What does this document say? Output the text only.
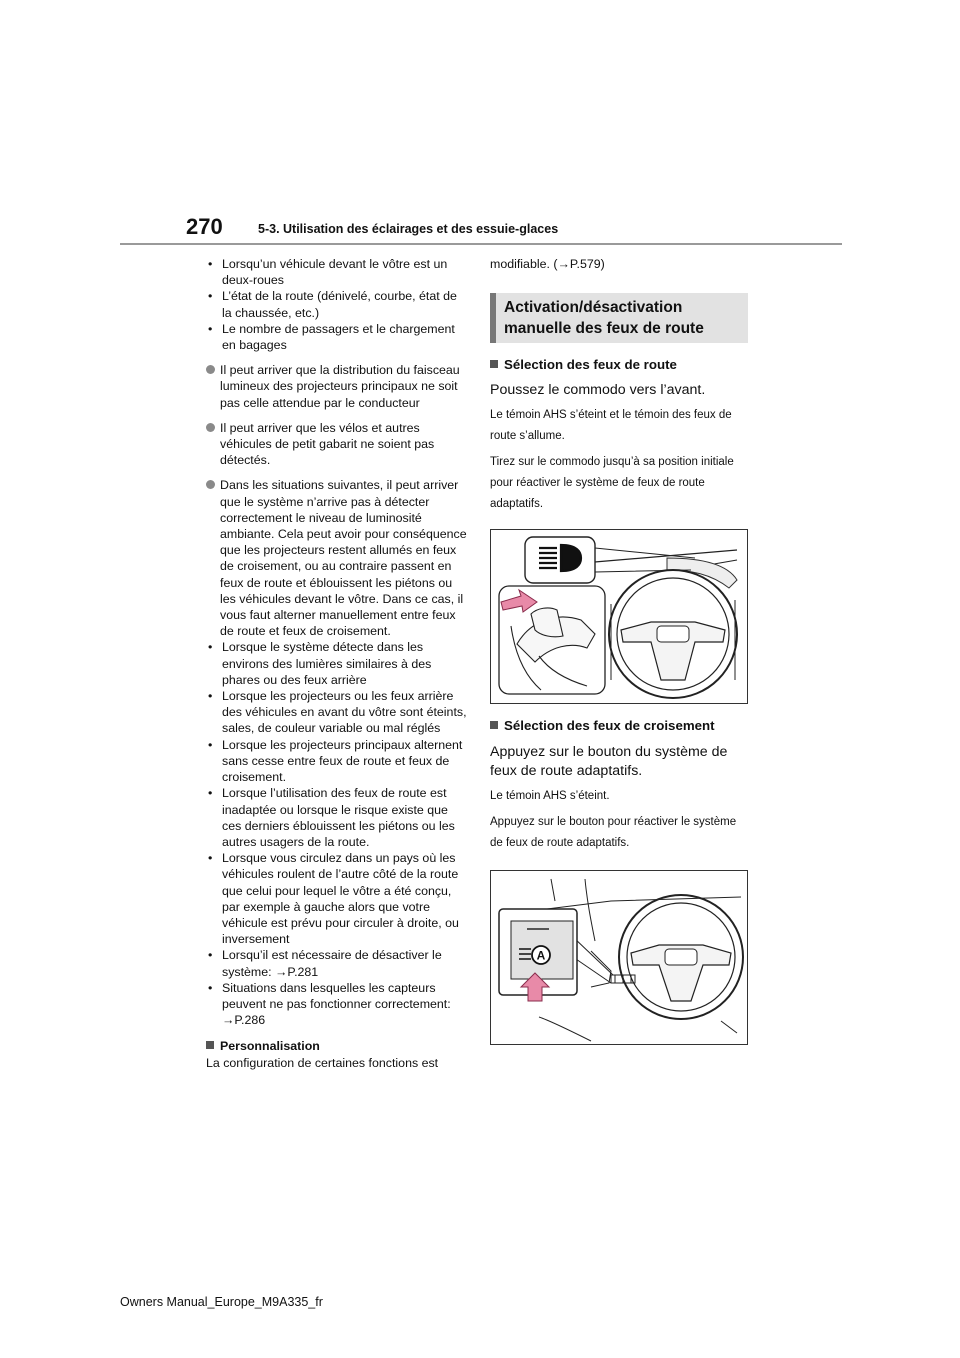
270	5-3. Utilisation des éclairages et des essuie-glaces
• Lorsqu’un véhicule devant le vôtre est un deux-roues
• L’état de la route (dénivelé, courbe, état de la chaussée, etc.)
• Le nombre de passagers et le chargement en bagages
Il peut arriver que la distribution du faisceau lumineux des projecteurs principaux ne soit pas celle attendue par le conducteur
Il peut arriver que les vélos et autres véhicules de petit gabarit ne soient pas détectés.
Dans les situations suivantes, il peut arriver que le système n’arrive pas à détecter correctement le niveau de luminosité ambiante. Cela peut avoir pour conséquence que les projecteurs restent allumés en feux de croisement, ou au contraire passent en feux de route et éblouissent les piétons ou les véhicules devant le vôtre. Dans ce cas, il vous faut alterner manuellement entre feux de route et feux de croisement.
• Lorsque le système détecte dans les environs des lumières similaires à des phares ou des feux arrière
• Lorsque les projecteurs ou les feux arrière des véhicules en avant du vôtre sont éteints, sales, de couleur variable ou mal réglés
• Lorsque les projecteurs principaux alternent sans cesse entre feux de route et feux de croisement.
• Lorsque l’utilisation des feux de route est inadaptée ou lorsque le risque existe que ces derniers éblouissent les piétons ou les autres usagers de la route.
• Lorsque vous circulez dans un pays où les véhicules roulent de l’autre côté de la route que celui pour lequel le vôtre a été conçu, par exemple à gauche alors que votre véhicule est prévu pour circuler à droite, ou inversement
• Lorsqu’il est nécessaire de désactiver le système: →P.281
• Situations dans lesquelles les capteurs peuvent ne pas fonctionner correctement: →P.286
Personnalisation
La configuration de certaines fonctions est
modifiable. (→P.579)
Activation/désactivation manuelle des feux de route
Sélection des feux de route
Poussez le commodo vers l’avant.
Le témoin AHS s’éteint et le témoin des feux de route s’allume.
Tirez sur le commodo jusqu’à sa position initiale pour réactiver le système de feux de route adaptatifs.
Sélection des feux de croisement
Appuyez sur le bouton du système de feux de route adaptatifs.
Le témoin AHS s’éteint.
Appuyez sur le bouton pour réactiver le système de feux de route adaptatifs.
A
Owners Manual_Europe_M9A335_fr
